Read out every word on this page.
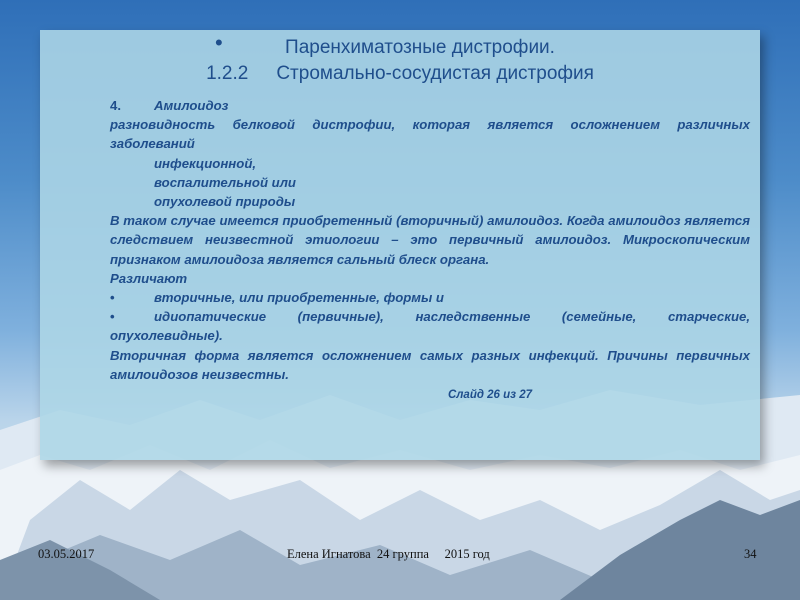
•	Паренхиматозные дистрофии.
1.2.2 Стромально-сосудистая дистрофия
4.	Амилоидоз
разновидность белковой дистрофии, которая является осложнением различных заболеваний
инфекционной,
воспалительной или
опухолевой природы
В таком случае имеется приобретенный (вторичный) амилоидоз. Когда амилоидоз является следствием неизвестной этиологии – это первичный амилоидоз. Микроскопическим признаком амилоидоза является сальный блеск органа.
Различают
•	вторичные, или приобретенные, формы и
•	идиопатические (первичные), наследственные (семейные, старческие, опухолевидные).
Вторичная форма является осложнением самых разных инфекций. Причины первичных амилоидозов неизвестны.
Слайд 26 из 27
03.05.2017	Елена Игнатова  24 группа     2015 год	34
